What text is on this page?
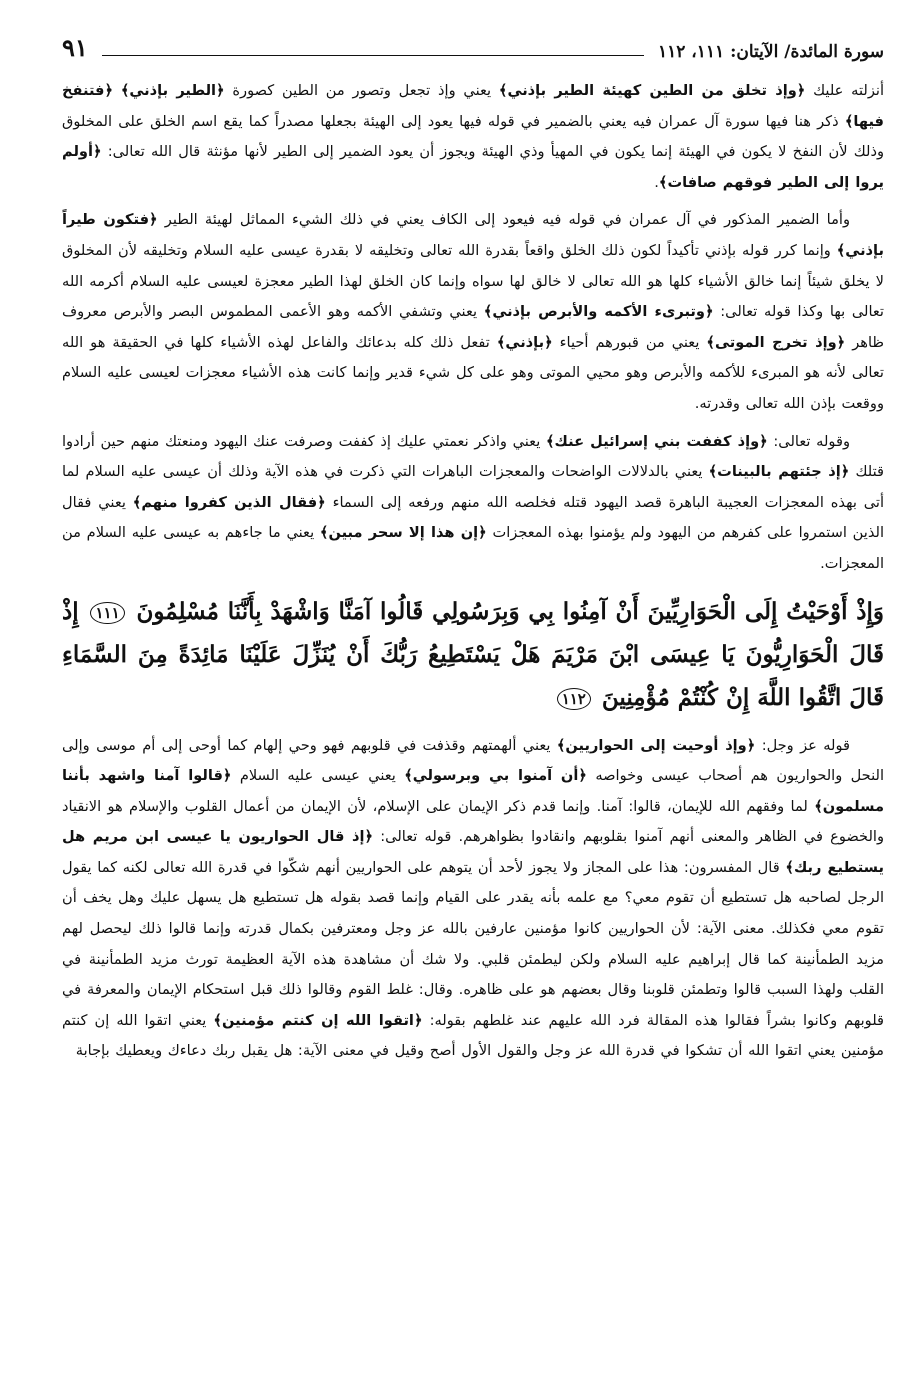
سورة المائدة/ الآيتان: ١١١، ١١٢
٩١

أنزلته عليك ﴿وإذ تخلق من الطين كهيئة الطير بإذني﴾ يعني وإذ تجعل وتصور من الطين كصورة ﴿الطير بإذني﴾ ﴿فتنفخ فيها﴾ ذكر هنا فيها سورة آل عمران فيه يعني بالضمير في قوله فيها يعود إلى الهيئة بجعلها مصدراً كما يقع اسم الخلق على المخلوق وذلك لأن النفخ لا يكون في الهيئة إنما يكون في المهيأ وذي الهيئة ويجوز أن يعود الضمير إلى الطير لأنها مؤنثة قال الله تعالى: ﴿أولم يروا إلى الطير فوقهم صافات﴾.

وأما الضمير المذكور في آل عمران في قوله فيه فيعود إلى الكاف يعني في ذلك الشيء المماثل لهيئة الطير ﴿فتكون طيراً بإذني﴾ وإنما كرر قوله بإذني تأكيداً لكون ذلك الخلق واقعاً بقدرة الله تعالى وتخليقه لا بقدرة عيسى عليه السلام وتخليقه لأن المخلوق لا يخلق شيئاً إنما خالق الأشياء كلها هو الله تعالى لا خالق لها سواه وإنما كان الخلق لهذا الطير معجزة لعيسى عليه السلام أكرمه الله تعالى بها وكذا قوله تعالى: ﴿وتبرىء الأكمه والأبرص بإذني﴾ يعني وتشفي الأكمه وهو الأعمى المطموس البصر والأبرص معروف ظاهر ﴿وإذ تخرج الموتى﴾ يعني من قبورهم أحياء ﴿بإذني﴾ تفعل ذلك كله بدعائك والفاعل لهذه الأشياء كلها في الحقيقة هو الله تعالى لأنه هو المبرىء للأكمه والأبرص وهو محيي الموتى وهو على كل شيء قدير وإنما كانت هذه الأشياء معجزات لعيسى عليه السلام ووقعت بإذن الله تعالى وقدرته.

وقوله تعالى: ﴿وإذ كففت بني إسرائيل عنك﴾ يعني واذكر نعمتي عليك إذ كففت وصرفت عنك اليهود ومنعتك منهم حين أرادوا قتلك ﴿إذ جئتهم بالبينات﴾ يعني بالدلالات الواضحات والمعجزات الباهرات التي ذكرت في هذه الآية وذلك أن عيسى عليه السلام لما أتى بهذه المعجزات العجيبة الباهرة قصد اليهود قتله فخلصه الله منهم ورفعه إلى السماء ﴿فقال الذين كفروا منهم﴾ يعني فقال الذين استمروا على كفرهم من اليهود ولم يؤمنوا بهذه المعجزات ﴿إن هذا إلا سحر مبين﴾ يعني ما جاءهم به عيسى عليه السلام من المعجزات.

وَإِذْ أَوْحَيْتُ إِلَى الْحَوَارِيِّينَ أَنْ آمِنُوا بِي وَبِرَسُولِي قَالُوا آمَنَّا وَاشْهَدْ بِأَنَّنَا مُسْلِمُونَ ١١١ إِذْ قَالَ الْحَوَارِيُّونَ يَا عِيسَى ابْنَ مَرْيَمَ هَلْ يَسْتَطِيعُ رَبُّكَ أَنْ يُنَزِّلَ عَلَيْنَا مَائِدَةً مِنَ السَّمَاءِ قَالَ اتَّقُوا اللَّهَ إِنْ كُنْتُمْ مُؤْمِنِينَ ١١٢

قوله عز وجل: ﴿وإذ أوحيت إلى الحواريين﴾ يعني ألهمتهم وقذفت في قلوبهم فهو وحي إلهام كما أوحى إلى أم موسى وإلى النحل والحواريون هم أصحاب عيسى وخواصه ﴿أن آمنوا بي وبرسولي﴾ يعني عيسى عليه السلام ﴿قالوا آمنا واشهد بأننا مسلمون﴾ لما وفقهم الله للإيمان، قالوا: آمنا. وإنما قدم ذكر الإيمان على الإسلام، لأن الإيمان من أعمال القلوب والإسلام هو الانقياد والخضوع في الظاهر والمعنى أنهم آمنوا بقلوبهم وانقادوا بظواهرهم. قوله تعالى: ﴿إذ قال الحواريون يا عيسى ابن مريم هل يستطيع ربك﴾ قال المفسرون: هذا على المجاز ولا يجوز لأحد أن يتوهم على الحواريين أنهم شكّوا في قدرة الله تعالى لكنه كما يقول الرجل لصاحبه هل تستطيع أن تقوم معي؟ مع علمه بأنه يقدر على القيام وإنما قصد بقوله هل تستطيع هل يسهل عليك وهل يخف أن تقوم معي فكذلك. معنى الآية: لأن الحواريين كانوا مؤمنين عارفين بالله عز وجل ومعترفين بكمال قدرته وإنما قالوا ذلك ليحصل لهم مزيد الطمأنينة كما قال إبراهيم عليه السلام ولكن ليطمئن قلبي. ولا شك أن مشاهدة هذه الآية العظيمة تورث مزيد الطمأنينة في القلب ولهذا السبب قالوا وتطمئن قلوبنا وقال بعضهم هو على ظاهره. وقال: غلط القوم وقالوا ذلك قبل استحكام الإيمان والمعرفة في قلوبهم وكانوا بشراً فقالوا هذه المقالة فرد الله عليهم عند غلطهم بقوله: ﴿اتقوا الله إن كنتم مؤمنين﴾ يعني اتقوا الله إن كنتم مؤمنين يعني اتقوا الله أن تشكوا في قدرة الله عز وجل والقول الأول أصح وقيل في معنى الآية: هل يقبل ربك دعاءك ويعطيك بإجابة
